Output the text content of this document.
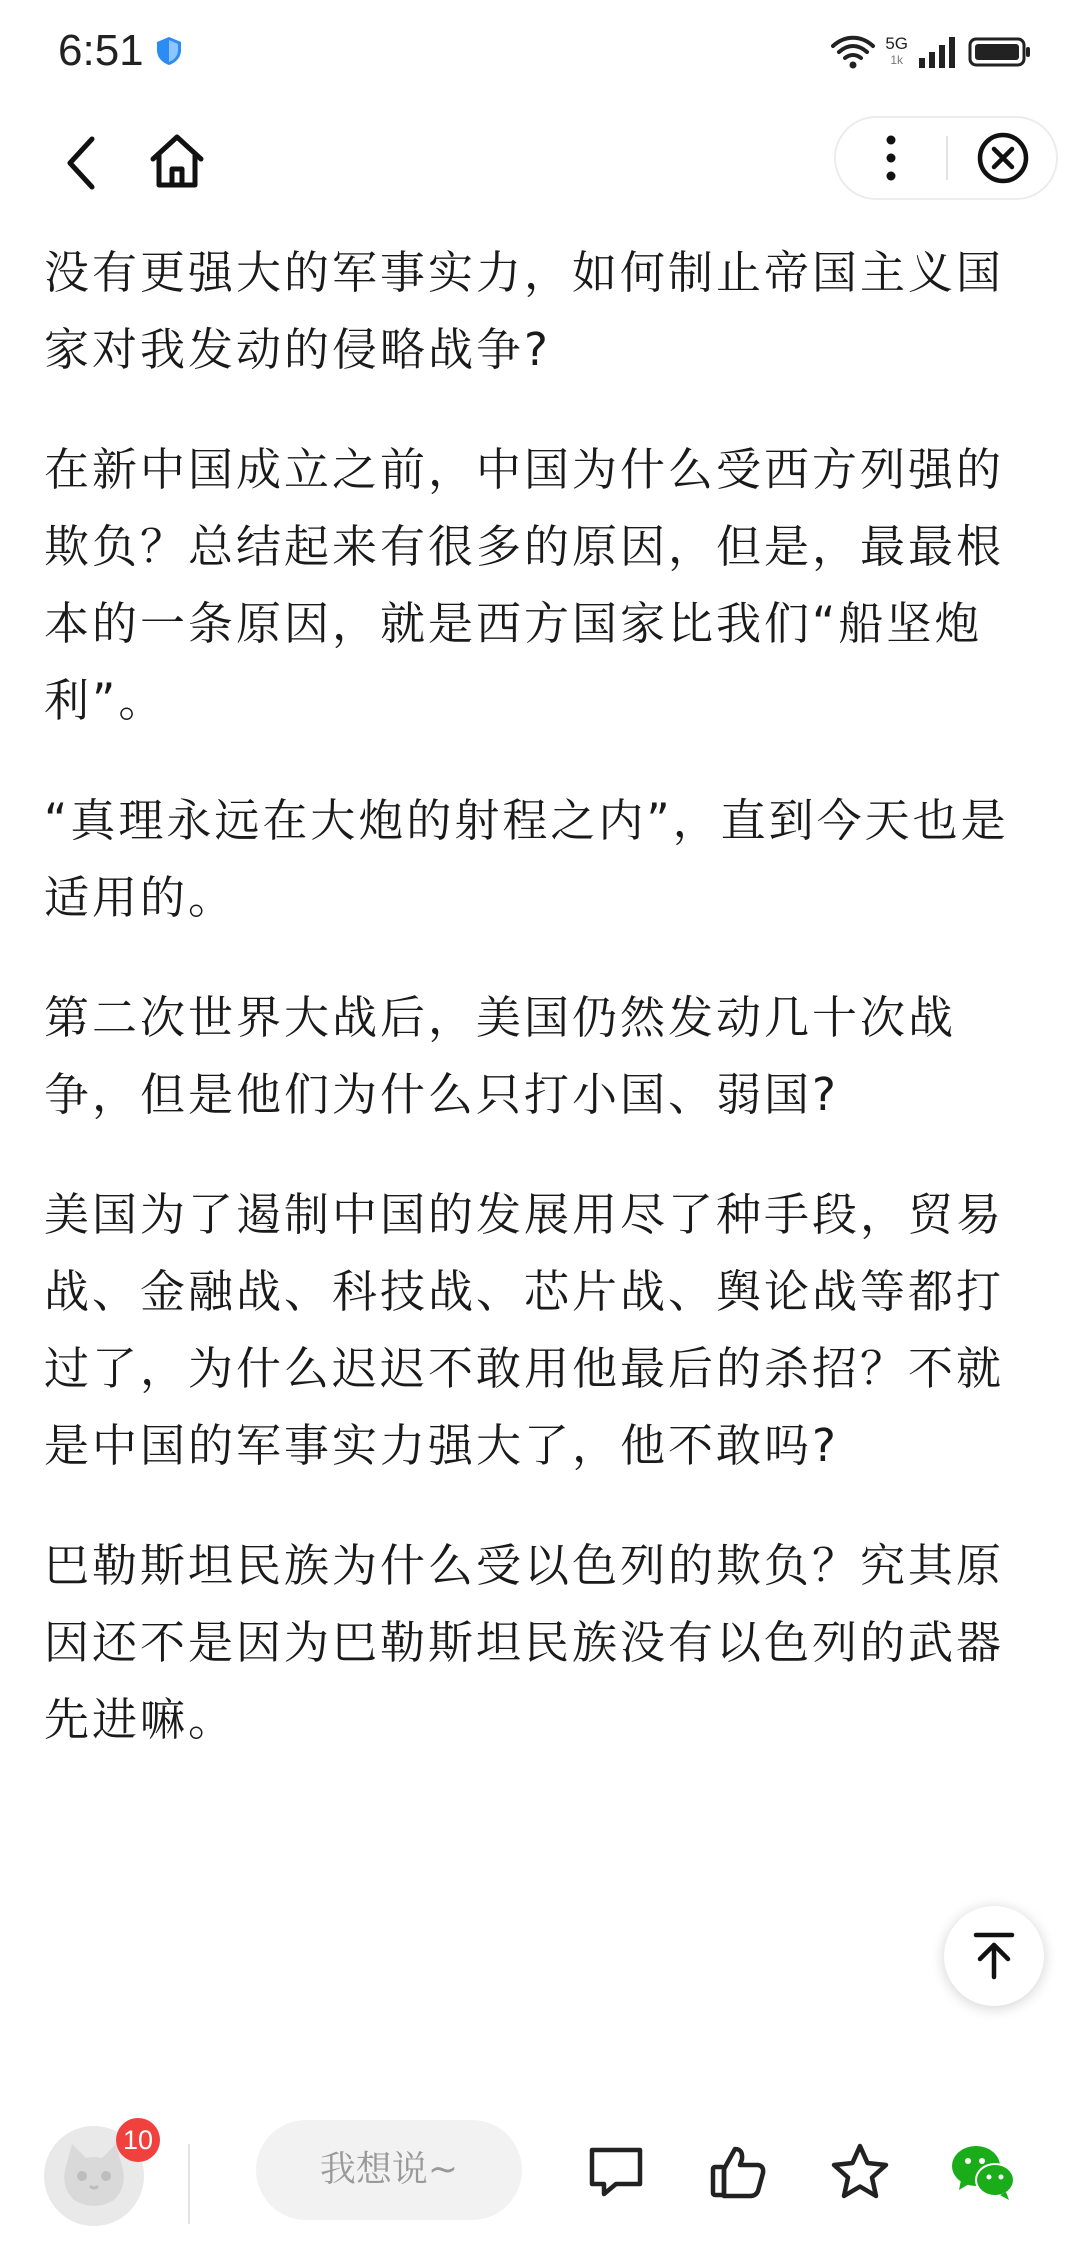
6:51	5G
1k

没有更强大的军事实力，如何制止帝国主义国家对我发动的侵略战争?

在新中国成立之前，中国为什么受西方列强的欺负？总结起来有很多的原因，但是，最最根本的一条原因，就是西方国家比我们“船坚炮利”。

“真理永远在大炮的射程之内”，直到今天也是适用的。

第二次世界大战后，美国仍然发动几十次战争，但是他们为什么只打小国、弱国?

美国为了遏制中国的发展用尽了种手段，贸易战、金融战、科技战、芯片战、舆论战等都打过了，为什么迟迟不敢用他最后的杀招？不就是中国的军事实力强大了，他不敢吗?

巴勒斯坦民族为什么受以色列的欺负？究其原因还不是因为巴勒斯坦民族没有以色列的武器先进嘛。

10
我想说~
